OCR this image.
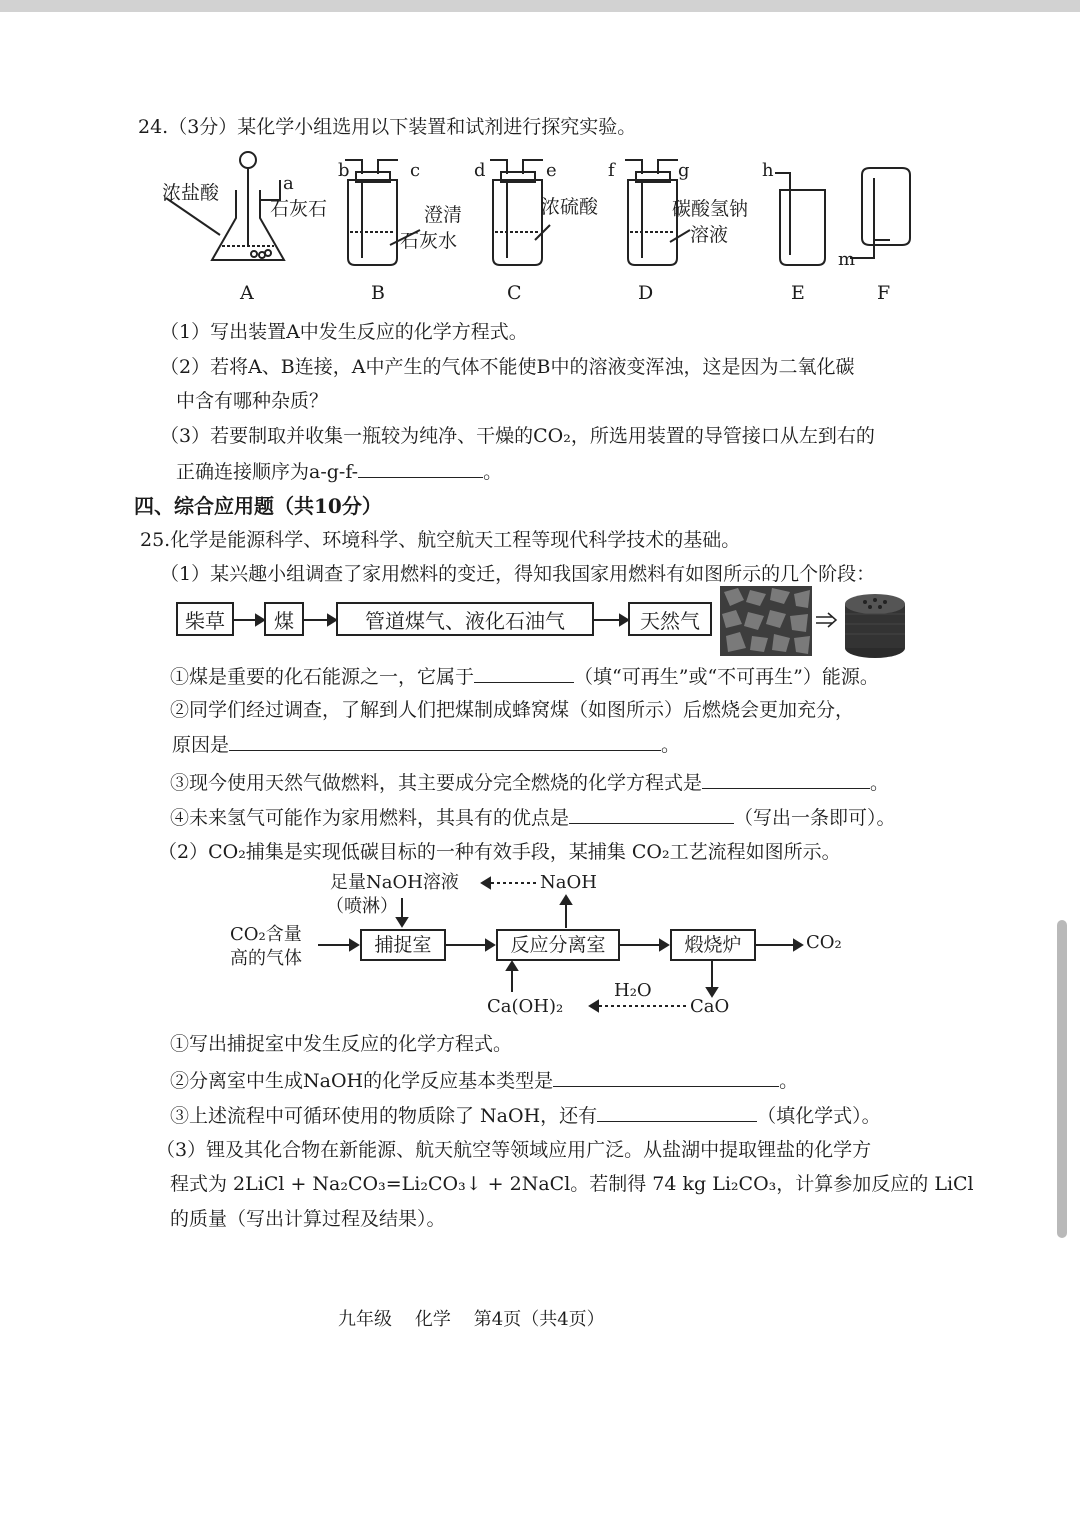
24.（3分）某化学小组选用以下装置和试剂进行探究实验。
浓盐酸
石灰石
a
b	c
澄清
石灰水
d	e
浓硫酸
f	g
碳酸氢钠
溶液
h
m
A	B	C	D	E	F
（1）写出装置A中发生反应的化学方程式。
（2）若将A、B连接，A中产生的气体不能使B中的溶液变浑浊，这是因为二氧化碳
中含有哪种杂质？
（3）若要制取并收集一瓶较为纯净、干燥的CO₂，所选用装置的导管接口从左到右的
正确连接顺序为a-g-f-	。
四、综合应用题（共10分）
25.化学是能源科学、环境科学、航空航天工程等现代科学技术的基础。
（1）某兴趣小组调查了家用燃料的变迁，得知我国家用燃料有如图所示的几个阶段：
柴草	煤	管道煤气、液化石油气	天然气
①煤是重要的化石能源之一，它属于	（填“可再生”或“不可再生”）能源。
②同学们经过调查，了解到人们把煤制成蜂窝煤（如图所示）后燃烧会更加充分，
原因是	。
③现今使用天然气做燃料，其主要成分完全燃烧的化学方程式是	。
④未来氢气可能作为家用燃料，其具有的优点是	（写出一条即可）。
（2）CO₂捕集是实现低碳目标的一种有效手段，某捕集 CO₂工艺流程如图所示。
足量NaOH溶液	NaOH
（喷淋）
CO₂含量
高的气体
捕捉室	反应分离室	煅烧炉	CO₂
Ca(OH)₂
H₂O
CaO
①写出捕捉室中发生反应的化学方程式。
②分离室中生成NaOH的化学反应基本类型是	。
③上述流程中可循环使用的物质除了 NaOH，还有	（填化学式）。
（3）锂及其化合物在新能源、航天航空等领域应用广泛。从盐湖中提取锂盐的化学方
程式为 2LiCl + Na₂CO₃=Li₂CO₃↓ + 2NaCl。若制得 74 kg Li₂CO₃，计算参加反应的 LiCl
的质量（写出计算过程及结果）。
九年级    化学    第4页（共4页）
